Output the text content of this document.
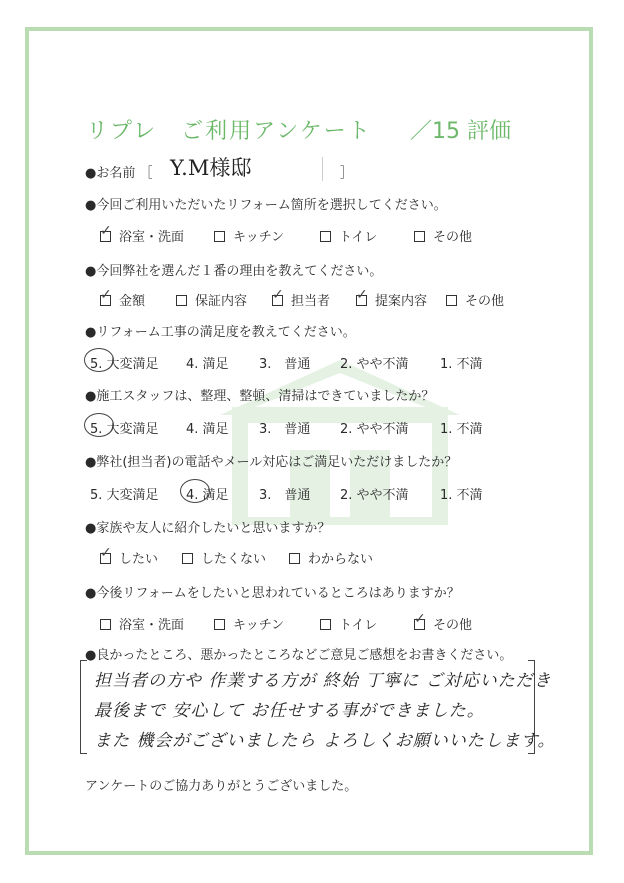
リプレ　ご利用アンケート ／15 評価
●お名前 ［ Y.M様邸	］
●今回ご利用いただいたリフォーム箇所を選択してください。
✓浴室・洗面	キッチン	トイレ	その他
●今回弊社を選んだ１番の理由を教えてください。
✓金額	保証内容 ✓	担当者 ✓	提案内容	その他
●リフォーム工事の満足度を教えてください。
5. 大変満足 4. 満足 3.　普通 2. やや不満 1. 不満
●施工スタッフは、整理、整頓、清掃はできていましたか？
5. 大変満足 4. 満足 3.　普通 2. やや不満 1. 不満
●弊社(担当者)の電話やメール対応はご満足いただけましたか？
5. 大変満足 4. 満足 3.　普通 2. やや不満 1. 不満
●家族や友人に紹介したいと思いますか？
✓したい	したくない	わからない
●今後リフォームをしたいと思われているところはありますか？
浴室・洗面	キッチン	トイレ ✓	その他
●良かったところ、悪かったところなどご意見ご感想をお書きください。
担当者の方や 作業する方が 終始 丁寧に ご対応いただき
最後まで 安心して お任せする事ができました。
また 機会がございましたら よろしくお願いいたします。
アンケートのご協力ありがとうございました。
